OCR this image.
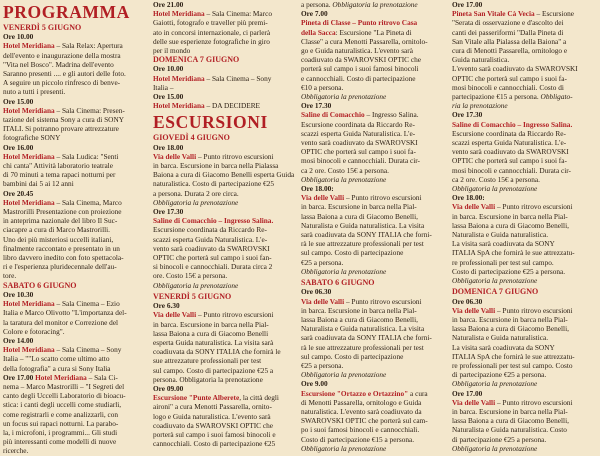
PROGRAMMA
VENERDÌ 5 GIUGNO
Ore 10.00
Hotel Meridiana – Sala Relax: Apertura
dell'evento e inaugurazione della mostra
"Vita nel Bosco". Madrina dell'evento
Saranno presenti .... e gli autori delle foto.
A seguire un piccolo rinfresco di benve-
nuto a tutti i presenti.
Ore 15.00
Hotel Meridiana – Sala Cinema: Presen-
tazione del sistema Sony a cura di SONY
ITALI. Si potranno provare attrezzature
fotografiche SONY
Ore 16.00
Hotel Meridiana – Sala Ludica: "Senti
chi canta" Attività laboratorio teatrale
di 70 minuti a tema rapaci notturni per
bambini dai 5 ai 12 anni
Ore 20.45
Hotel Meridiana – Sala Cinema, Marco
Mastrorilli Presentazione con proiezione
in anteprima nazionale del libro Il Suc-
ciacapre a cura di Marco Mastrorilli.
Uno dei più misteriosi uccelli italiani,
finalmente raccontato e presentato in un
libro davvero inedito con foto spettacola-
ri e l'esperienza pluridecennale dell'au-
tore.
SABATO 6 GIUGNO
Ore 10.30
Hotel Meridiana – Sala Cinema – Ezio
Italia e Marco Olivotto "L'importanza del-
la taratura del monitor e Correzione del
Colore e fotoracing".
Ore 14.00
Hotel Meridiana – Sala Cinema – Sony
Italia – ""Lo scatto come ultimo atto
della fotografia" a cura si Sony Italia
Ore 17.00 Hotel Meridiana – Sala Ci-
nema – Marco Mastrorilli – "I Segreti del
canto degli Uccelli Laboratorio di bioacu-
stica: i canti degli uccelli come studiarli,
come registrarli e come analizzarli, con
un focus sui rapaci notturni. La parabo-
la, i microfoni, i programmi... Gli studi
più interessanti come modelli di nuove
ricerche.
Ore 21.00
Hotel Meridiana – Sala Cinema: Marco
Gaiotti, fotografo e traveller più premi-
ato in concorsi internazionale, ci parlerà
delle sue esperienze fotografiche in giro
per il mondo
DOMENICA 7 GIUGNO
Ore 10.00
Hotel Meridiana – Sala Cinema – Sony
Italia –
Ore 15.00
Hotel Meridiana – DA DECIDERE
ESCURSIONI
GIOVEDÌ 4 GIUGNO
Ore 18.00
Via delle Valli – Punto ritrovo escursioni
in barca. Escursione in barca nella Pialassa
Baiona a cura di Giacomo Benelli esperta Guida
naturalistica. Costo di partecipazione €25
a persona. Durata 2 ore circa.
Obbligatoria la prenotazione
Ore 17.30
Saline di Comacchio – Ingresso Salina.
Escursione coordinata da Riccardo Re-
scazzi esperta Guida Naturalistica. L'e-
vento sarà coadiuvato da SWAROVSKI
OPTIC che porterà sul campo i suoi fan-
si binocoli e cannocchiali. Durata circa 2
ore. Costo 15€ a persona.
Obbligatoria la prenotazione
VENERDÌ 5 GIUGNO
Ore 6.30
Via delle Valli – Punto ritrovo escursioni
in barca. Escursione in barca nella Pial-
lassa Baiona a cura di Giacomo Benelli
esperta Guida naturalistica. La visita sarà
coadiuvata da SONY ITALIA che fornirà le
sue attrezzature professionali per test
sul campo. Costo di partecipazione €25 a
persona. Obbligatoria la prenotazione
Ore 09.00
Escursione "Punte Alberete, la città degli
aironi" a cura Menotti Passarella, ornito-
logo e Guida naturalistica. L'evento sarà
coadiuvato da SWAROVSKI OPTIC che
porterà sul campo i suoi famosi binocoli e
cannocchiali. Costo di partecipazione €25
a persona. Obbligatoria la prenotazione
Ore 7.00
Pineta di Classe – Punto ritrovo Casa
della Sacca: Escursione "La Pineta di
Classe" a cura Menotti Passarella, ornitolo-
go e Guida naturalistica. L'evento sarà
coadiuvato da SWAROVSKI OPTIC che
porterà sul campo i suoi famosi binocoli
e cannocchiali. Costo di partecipazione
€10 a persona.
Obbligatoria la prenotazione
Ore 17.30
Saline di Comacchio – Ingresso Salina.
Escursione coordinata da Riccardo Re-
scazzi esperta Guida Naturalistica. L'e-
vento sarà coadiuvato da SWAROVSKI
OPTIC che porterà sul campo i suoi fa-
mosi binocoli e cannocchiali. Durata cir-
ca 2 ore. Costo 15€ a persona.
Obbligatoria la prenotazione
Ore 18.00:
Via delle Valli – Punto ritrovo escursioni
in barca. Escursione in barca nella Pial-
lassa Baiona a cura di Giacomo Benelli,
Naturalista e Guida naturalistica. La visita
sarà coadiuvata da SONY ITALIA che forni-
rà le sue attrezzature professionali per test
sul campo. Costo di partecipazione
€25 a persona.
Obbligatoria la prenotazione
SABATO 6 GIUGNO
Ore 06.30
Via delle Valli – Punto ritrovo escursioni
in barca. Escursione in barca nella Pial-
lassa Baiona a cura di Giacomo Benelli,
Naturalista e Guida naturalistica. La visita
sarà coadiuvata da SONY ITALIA che forni-
rà le sue attrezzature professionali per test
sul campo. Costo di partecipazione
€25 a persona.
Obbligatoria la prenotazione
Ore 9.00
Escursione "Ortazzo e Ortazzino" a cura
di Menotti Passarella, ornitologo e Guida
naturalistica. L'evento sarà coadiuvato da
SWAROVSKI OPTIC che porterà sul cam-
po i suoi famosi binocoli e cannocchiali.
Costo di partecipazione €15 a persona.
Obbligatoria la prenotazione
Ore 17.00
Pineta San Vitale Cà Vecia – Escursione
"Serata di osservazione e d'ascolto dei
canti dei passeriformi "Dalla Pineta di
San Vitale alla Pialassa della Baiona" a
cura di Menotti Passarella, ornitologo e
Guida naturalistica.
L'evento sarà coadiuvato da SWAROVSKI
OPTIC che porterà sul campo i suoi fa-
mosi binocoli e cannocchiali. Costo di
partecipazione €15 a persona. Obbligato-
ria la prenotazione
Ore 17.30
Saline di Comacchio – Ingresso Salina.
Escursione coordinata da Riccardo Re-
scazzi esperta Guida Naturalistica. L'e-
vento sarà coadiuvato da SWAROVSKI
OPTIC che porterà sul campo i suoi fa-
mosi binocoli e cannocchiali. Durata cir-
ca 2 ore. Costo 15€ a persona.
Obbligatoria la prenotazione
Ore 18.00:
Via delle Valli – Punto ritrovo escursioni
in barca. Escursione in barca nella Pial-
lassa Baiona a cura di Giacomo Benelli,
Naturalista e Guida naturalistica.
La visita sarà coadiuvata da SONY
ITALIA SpA che fornirà le sue attrezzatu-
re professionali per test sul campo.
Costo di partecipazione €25 a persona.
Obbligatoria la prenotazione
DOMENICA 7 GIUGNO
Ore 06.30
Via delle Valli – Punto ritrovo escursioni
in barca. Escursione in barca nella Pial-
lassa Baiona a cura di Giacomo Benelli,
Naturalista e Guida naturalistica.
La visita sarà coadiuvata da SONY
ITALIA SpA che fornirà le sue attrezzatu-
re professionali per test sul campo. Costo
di partecipazione €25 a persona.
Obbligatoria la prenotazione
Ore 17.00
Via delle Valli – Punto ritrovo escursioni
in barca. Escursione in barca nella Pial-
lassa Baiona a cura di Giacomo Benelli,
Naturalista e Guida naturalistica. Costo
di partecipazione €25 a persona.
Obbligatoria la prenotazione
